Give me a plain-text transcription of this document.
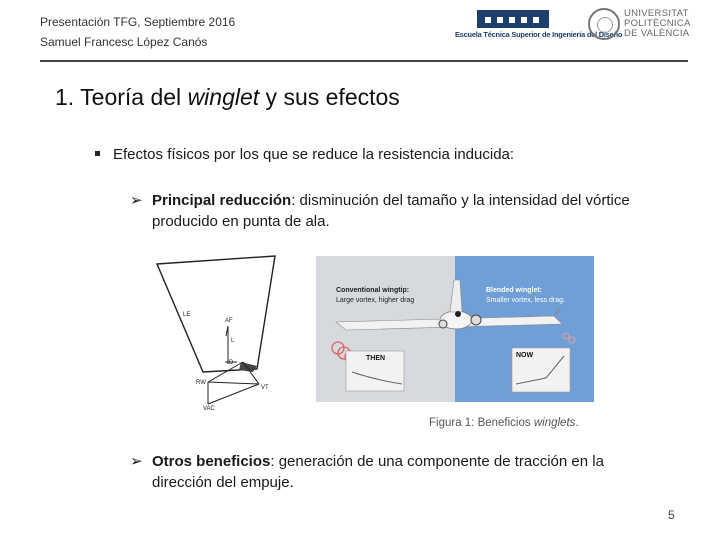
Presentación TFG, Septiembre 2016
Samuel Francesc López Canós
Escuela Técnica Superior de Ingeniería del Diseño
UNIVERSITAT
POLITÈCNICA
DE VALÈNCIA
1. Teoría del winglet y sus efectos
Efectos físicos por los que se reduce la resistencia inducida:
➢ Principal reducción: disminución del tamaño y la intensidad del vórtice producido en punta de ala.
LE
AF
L
D
RW
VT
VAC
Conventional wingtip:
Large vortex, higher drag
Blended winglet:
Smaller vortex, less drag.
THEN	NOW
Figura 1: Beneficios winglets.
➢ Otros beneficios: generación de una componente de tracción en la dirección del empuje.
5
